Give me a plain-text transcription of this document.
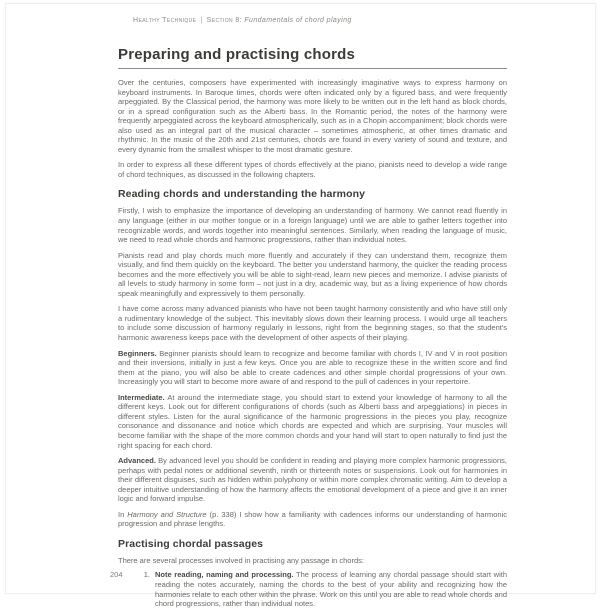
Healthy Technique | Section 8: Fundamentals of chord playing
Preparing and practising chords
Over the centuries, composers have experimented with increasingly imaginative ways to express harmony on keyboard instruments. In Baroque times, chords were often indicated only by a figured bass, and were frequently arpeggiated. By the Classical period, the harmony was more likely to be written out in the left hand as block chords, or in a spread configuration such as the Alberti bass. In the Romantic period, the notes of the harmony were frequently arpeggiated across the keyboard atmospherically, such as in a Chopin accompaniment; block chords were also used as an integral part of the musical character – sometimes atmospheric, at other times dramatic and rhythmic. In the music of the 20th and 21st centuries, chords are found in every variety of sound and texture, and every dynamic from the smallest whisper to the most dramatic gesture.
In order to express all these different types of chords effectively at the piano, pianists need to develop a wide range of chord techniques, as discussed in the following chapters.
Reading chords and understanding the harmony
Firstly, I wish to emphasize the importance of developing an understanding of harmony. We cannot read fluently in any language (either in our mother tongue or in a foreign language) until we are able to gather letters together into recognizable words, and words together into meaningful sentences. Similarly, when reading the language of music, we need to read whole chords and harmonic progressions, rather than individual notes.
Pianists read and play chords much more fluently and accurately if they can understand them, recognize them visually, and find them quickly on the keyboard. The better you understand harmony, the quicker the reading process becomes and the more effectively you will be able to sight-read, learn new pieces and memorize. I advise pianists of all levels to study harmony in some form – not just in a dry, academic way, but as a living experience of how chords speak meaningfully and expressively to them personally.
I have come across many advanced pianists who have not been taught harmony consistently and who have still only a rudimentary knowledge of the subject. This inevitably slows down their learning process. I would urge all teachers to include some discussion of harmony regularly in lessons, right from the beginning stages, so that the student's harmonic awareness keeps pace with the development of other aspects of their playing.
Beginners. Beginner pianists should learn to recognize and become familiar with chords I, IV and V in root position and their inversions, initially in just a few keys. Once you are able to recognize these in the written score and find them at the piano, you will also be able to create cadences and other simple chordal progressions of your own. Increasingly you will start to become more aware of and respond to the pull of cadences in your repertoire.
Intermediate. At around the intermediate stage, you should start to extend your knowledge of harmony to all the different keys. Look out for different configurations of chords (such as Alberti bass and arpeggiations) in pieces in different styles. Listen for the aural significance of the harmonic progressions in the pieces you play, recognize consonance and dissonance and notice which chords are expected and which are surprising. Your muscles will become familiar with the shape of the more common chords and your hand will start to open naturally to find just the right spacing for each chord.
Advanced. By advanced level you should be confident in reading and playing more complex harmonic progressions, perhaps with pedal notes or additional seventh, ninth or thirteenth notes or suspensions. Look out for harmonies in their different disguises, such as hidden within polyphony or within more complex chromatic writing. Aim to develop a deeper intuitive understanding of how the harmony affects the emotional development of a piece and give it an inner logic and forward impulse.
In Harmony and Structure (p. 338) I show how a familiarity with cadences informs our understanding of harmonic progression and phrase lengths.
Practising chordal passages
There are several processes involved in practising any passage in chords:
1. Note reading, naming and processing. The process of learning any chordal passage should start with reading the notes accurately, naming the chords to the best of your ability and recognizing how the harmonies relate to each other within the phrase. Work on this until you are able to read whole chords and chord progressions, rather than individual notes.
204
